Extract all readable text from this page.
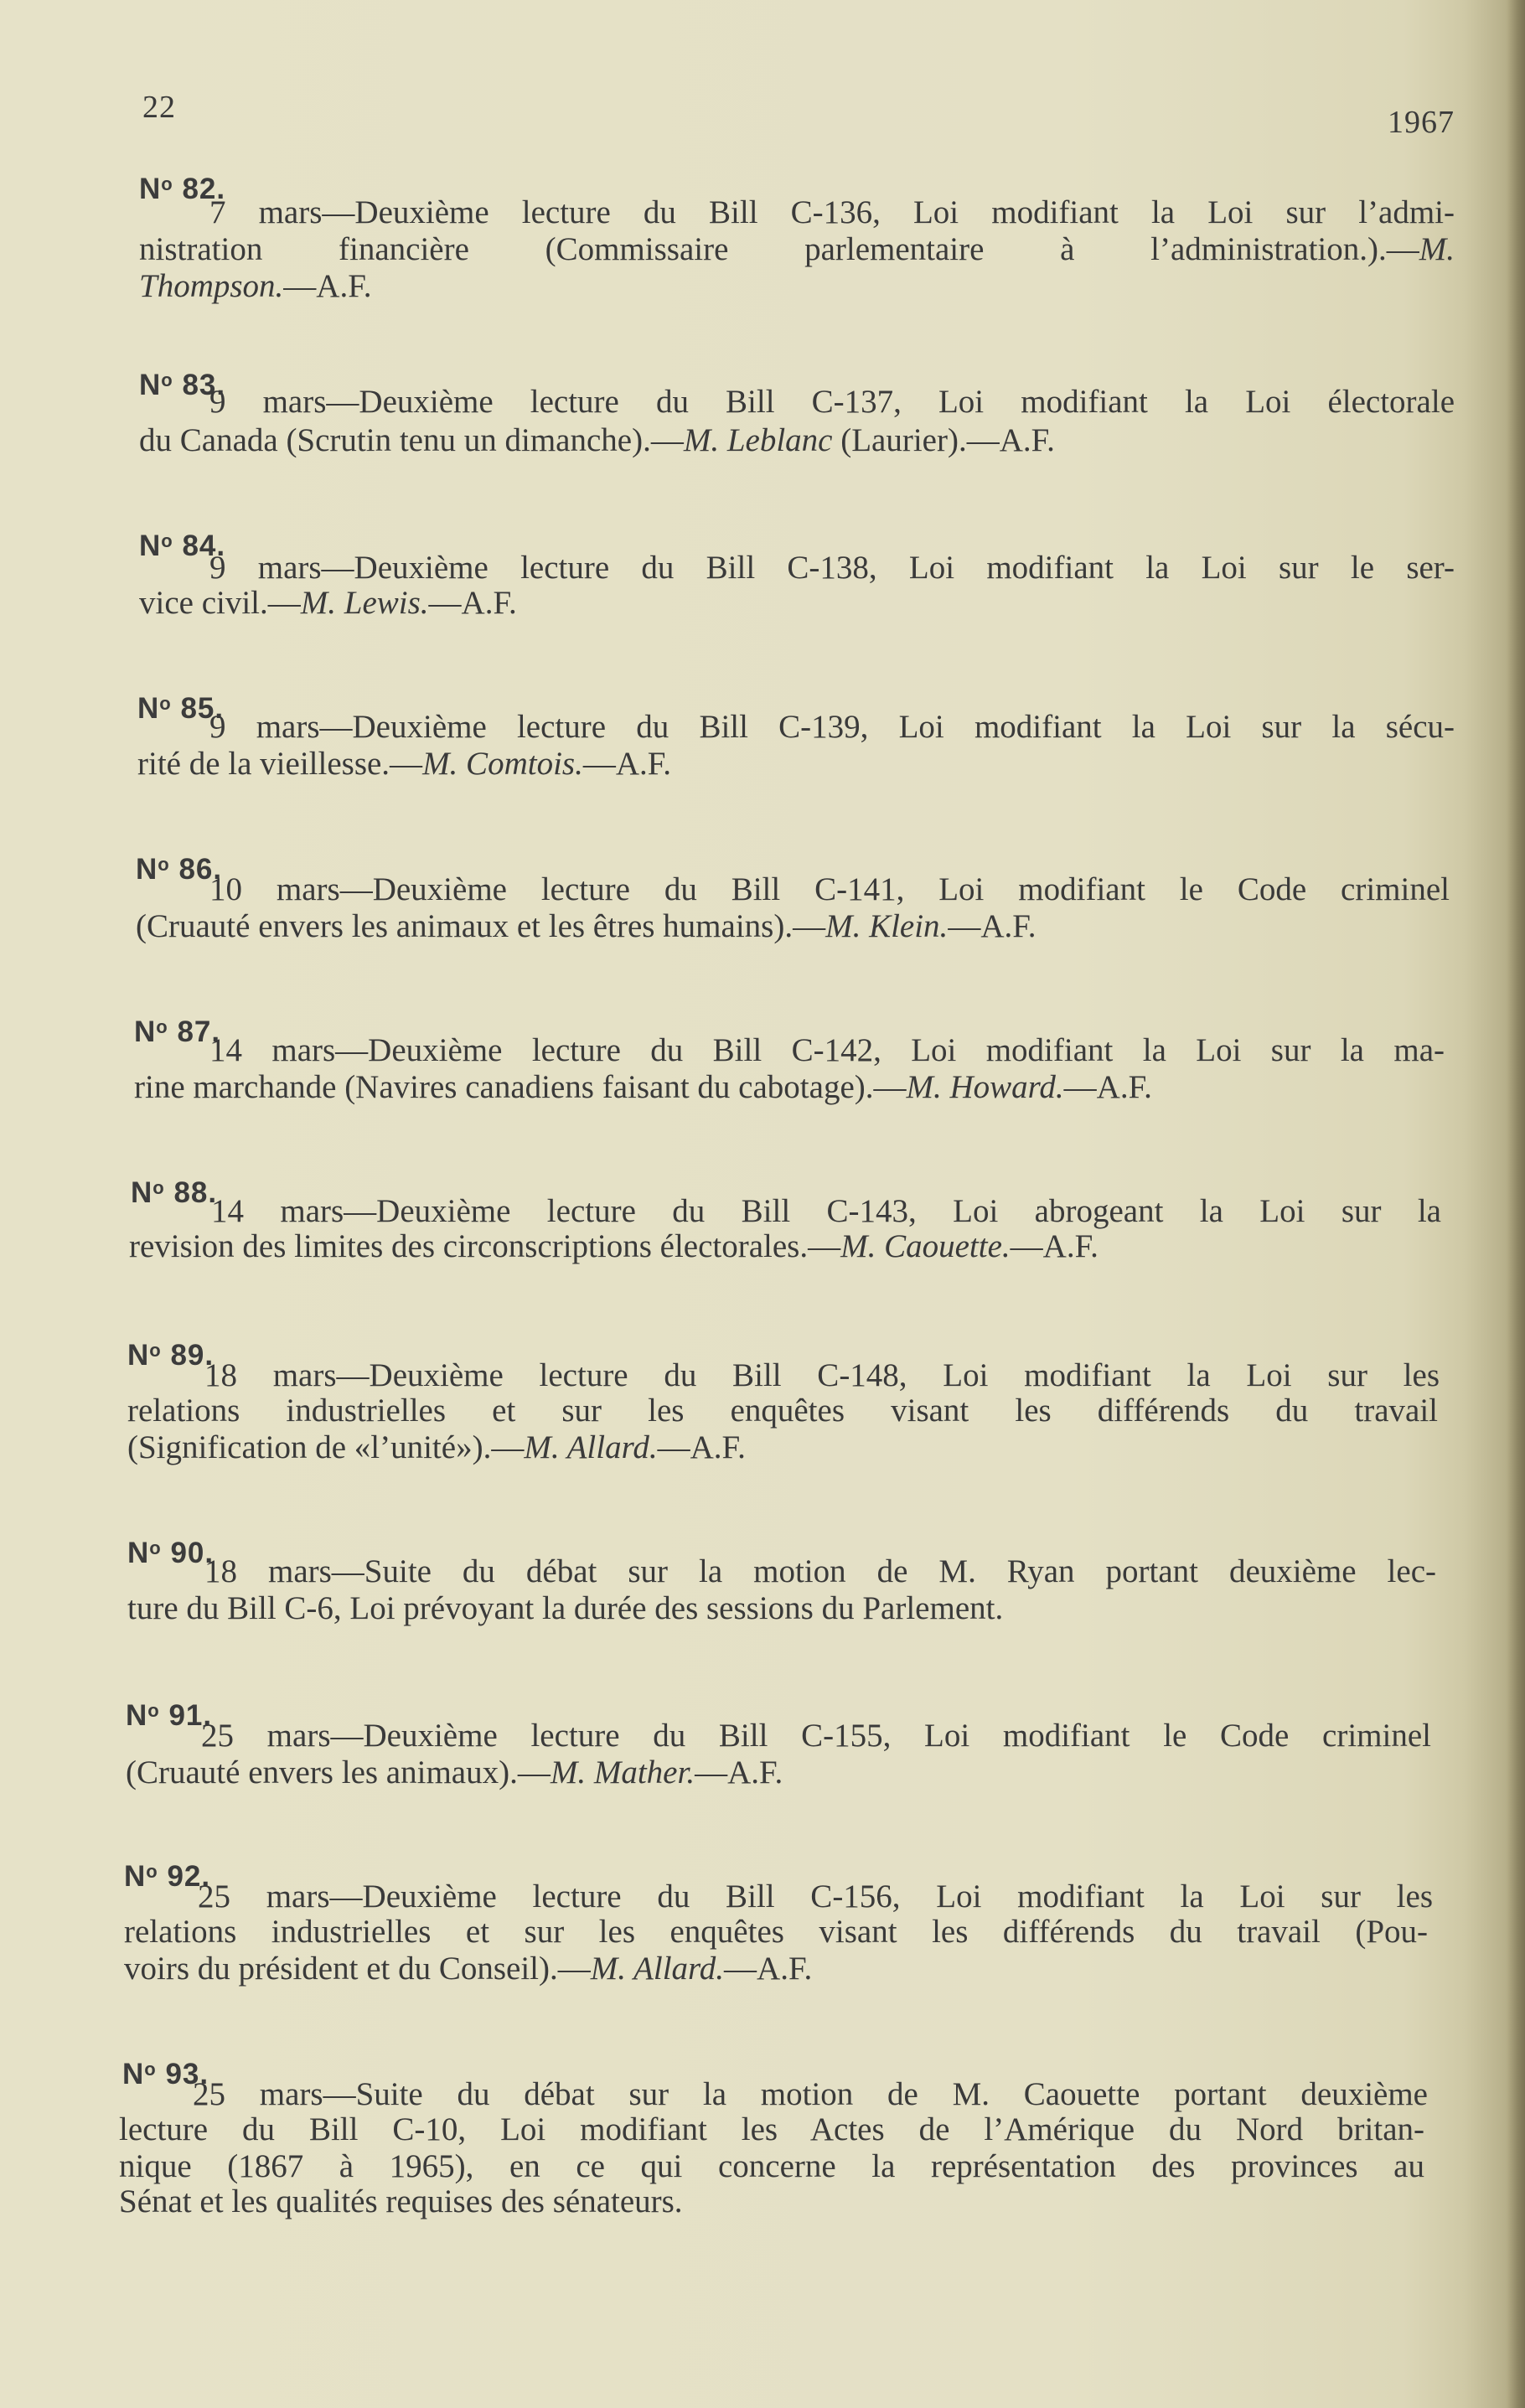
22	1967
$N^o$ 82.
7 mars—Deuxième lecture du Bill C-136, Loi modifiant la Loi sur l’admi-
nistration financière (Commissaire parlementaire à l’administration.).—M.
Thompson.—A.F.
$N^o$ 83.
9 mars—Deuxième lecture du Bill C-137, Loi modifiant la Loi électorale
du Canada (Scrutin tenu un dimanche).—M. Leblanc (Laurier).—A.F.
$N^o$ 84.
9 mars—Deuxième lecture du Bill C-138, Loi modifiant la Loi sur le ser-
vice civil.—M. Lewis.—A.F.
$N^o$ 85.
9 mars—Deuxième lecture du Bill C-139, Loi modifiant la Loi sur la sécu-
rité de la vieillesse.—M. Comtois.—A.F.
$N^o$ 86.
10 mars—Deuxième lecture du Bill C-141, Loi modifiant le Code criminel
(Cruauté envers les animaux et les êtres humains).—M. Klein.—A.F.
$N^o$ 87.
14 mars—Deuxième lecture du Bill C-142, Loi modifiant la Loi sur la ma-
rine marchande (Navires canadiens faisant du cabotage).—M. Howard.—A.F.
$N^o$ 88.
14 mars—Deuxième lecture du Bill C-143, Loi abrogeant la Loi sur la
revision des limites des circonscriptions électorales.—M. Caouette.—A.F.
$N^o$ 89.
18 mars—Deuxième lecture du Bill C-148, Loi modifiant la Loi sur les
relations industrielles et sur les enquêtes visant les différends du travail
(Signification de «l’unité»).—M. Allard.—A.F.
$N^o$ 90.
18 mars—Suite du débat sur la motion de M. Ryan portant deuxième lec-
ture du Bill C-6, Loi prévoyant la durée des sessions du Parlement.
$N^o$ 91.
25 mars—Deuxième lecture du Bill C-155, Loi modifiant le Code criminel
(Cruauté envers les animaux).—M. Mather.—A.F.
$N^o$ 92.
25 mars—Deuxième lecture du Bill C-156, Loi modifiant la Loi sur les
relations industrielles et sur les enquêtes visant les différends du travail (Pou-
voirs du président et du Conseil).—M. Allard.—A.F.
$N^o$ 93.
25 mars—Suite du débat sur la motion de M. Caouette portant deuxième
lecture du Bill C-10, Loi modifiant les Actes de l’Amérique du Nord britan-
nique (1867 à 1965), en ce qui concerne la représentation des provinces au
Sénat et les qualités requises des sénateurs.
